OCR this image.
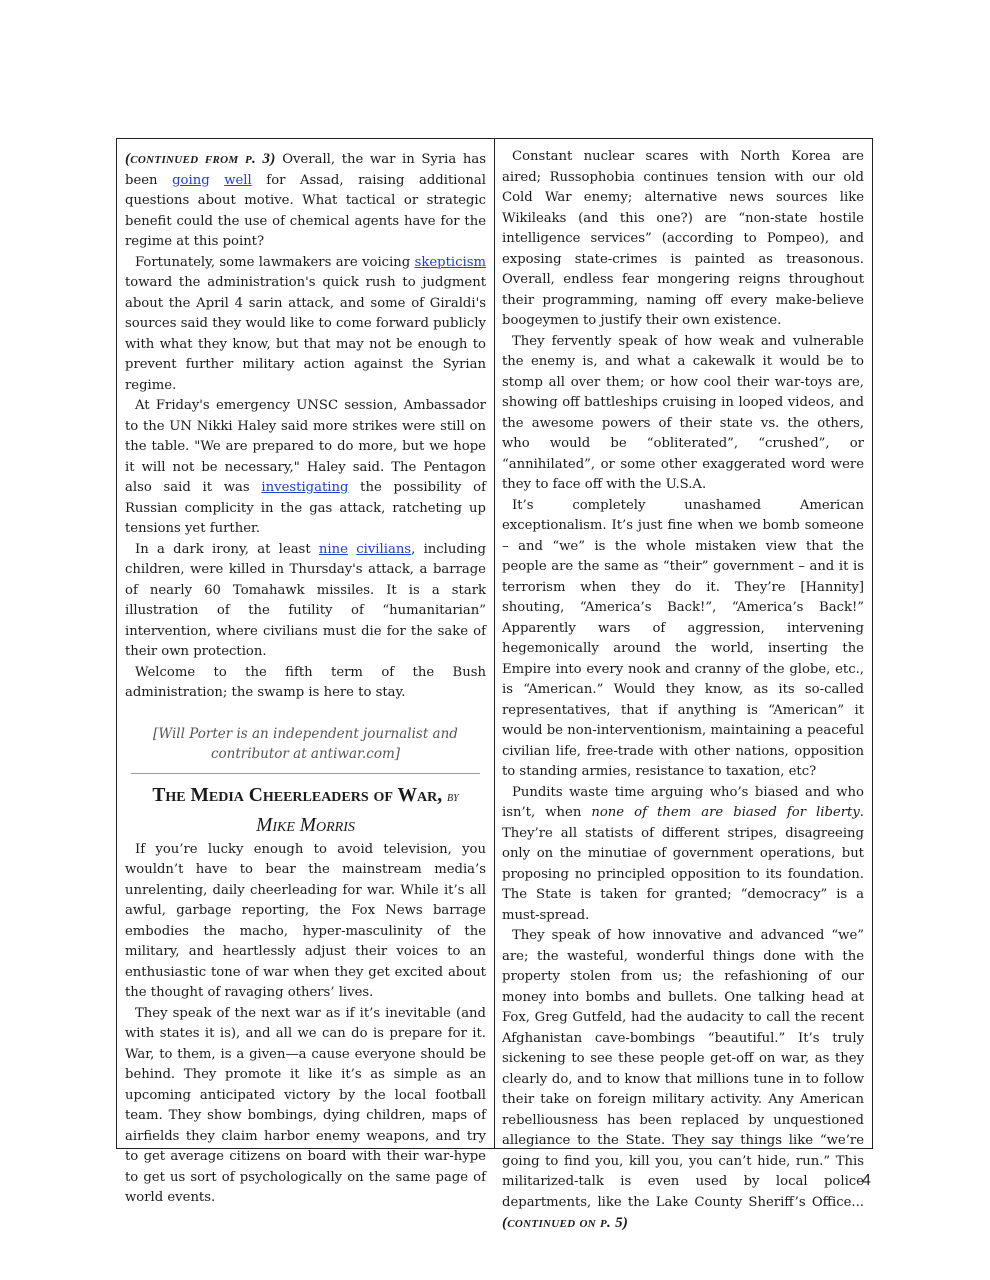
(continued from p. 3) Overall, the war in Syria has been going well for Assad, raising additional questions about motive. What tactical or strategic benefit could the use of chemical agents have for the regime at this point?

Fortunately, some lawmakers are voicing skepticism toward the administration's quick rush to judgment about the April 4 sarin attack, and some of Giraldi's sources said they would like to come forward publicly with what they know, but that may not be enough to prevent further military action against the Syrian regime.

At Friday's emergency UNSC session, Ambassador to the UN Nikki Haley said more strikes were still on the table. "We are prepared to do more, but we hope it will not be necessary," Haley said. The Pentagon also said it was investigating the possibility of Russian complicity in the gas attack, ratcheting up tensions yet further.

In a dark irony, at least nine civilians, including children, were killed in Thursday's attack, a barrage of nearly 60 Tomahawk missiles. It is a stark illustration of the futility of “humanitarian” intervention, where civilians must die for the sake of their own protection.

Welcome to the fifth term of the Bush administration; the swamp is here to stay.

[Will Porter is an independent journalist and contributor at antiwar.com]

The Media Cheerleaders of War, by
Mike Morris

If you’re lucky enough to avoid television, you wouldn’t have to bear the mainstream media’s unrelenting, daily cheerleading for war. While it’s all awful, garbage reporting, the Fox News barrage embodies the macho, hyper-masculinity of the military, and heartlessly adjust their voices to an enthusiastic tone of war when they get excited about the thought of ravaging others’ lives.

They speak of the next war as if it’s inevitable (and with states it is), and all we can do is prepare for it. War, to them, is a given—a cause everyone should be behind. They promote it like it’s as simple as an upcoming anticipated victory by the local football team. They show bombings, dying children, maps of airfields they claim harbor enemy weapons, and try to get average citizens on board with their war-hype to get us sort of psychologically on the same page of world events.

Constant nuclear scares with North Korea are aired; Russophobia continues tension with our old Cold War enemy; alternative news sources like Wikileaks (and this one?) are “non-state hostile intelligence services” (according to Pompeo), and exposing state-crimes is painted as treasonous. Overall, endless fear mongering reigns throughout their programming, naming off every make-believe boogeymen to justify their own existence.

They fervently speak of how weak and vulnerable the enemy is, and what a cakewalk it would be to stomp all over them; or how cool their war-toys are, showing off battleships cruising in looped videos, and the awesome powers of their state vs. the others, who would be “obliterated”, “crushed”, or “annihilated”, or some other exaggerated word were they to face off with the U.S.A.

It’s completely unashamed American exceptionalism. It’s just fine when we bomb someone – and “we” is the whole mistaken view that the people are the same as “their” government – and it is terrorism when they do it. They’re [Hannity] shouting, “America’s Back!”, “America’s Back!” Apparently wars of aggression, intervening hegemonically around the world, inserting the Empire into every nook and cranny of the globe, etc., is “American.” Would they know, as its so-called representatives, that if anything is “American” it would be non-interventionism, maintaining a peaceful civilian life, free-trade with other nations, opposition to standing armies, resistance to taxation, etc?

Pundits waste time arguing who’s biased and who isn’t, when none of them are biased for liberty. They’re all statists of different stripes, disagreeing only on the minutiae of government operations, but proposing no principled opposition to its foundation. The State is taken for granted; “democracy” is a must-spread.

They speak of how innovative and advanced “we” are; the wasteful, wonderful things done with the property stolen from us; the refashioning of our money into bombs and bullets. One talking head at Fox, Greg Gutfeld, had the audacity to call the recent Afghanistan cave-bombings “beautiful.” It’s truly sickening to see these people get-off on war, as they clearly do, and to know that millions tune in to follow their take on foreign military activity. Any American rebelliousness has been replaced by unquestioned allegiance to the State. They say things like “we’re going to find you, kill you, you can’t hide, run.” This militarized-talk is even used by local police departments, like the Lake County Sheriff’s Office... (continued on p. 5)

4
